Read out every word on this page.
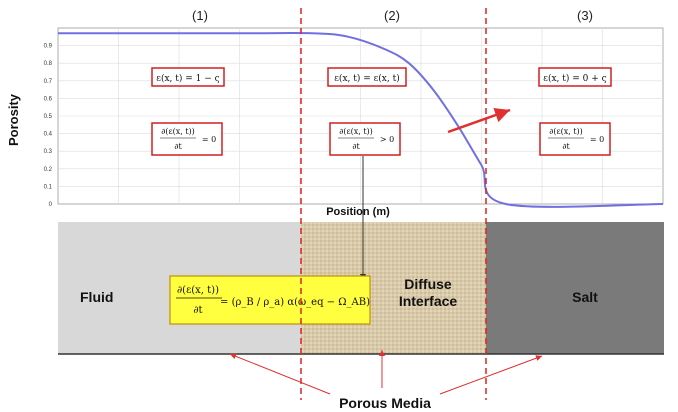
(1)	(2)	(3)
0.9
0.8
0.7
0.6
0.5
0.4
0.3
0.2
0.1
0
Porosity
ε(x, t) = 1 − ς
∂(ε(x, t))
∂t
= 0
ε(x, t) = ε(x, t)
∂(ε(x, t))
∂t
> 0
ε(x, t) = 0 + ς
∂(ε(x, t))
∂t
= 0
Fluid
Diffuse
Interface	Salt
Position (m)
∂(ε(x, t))
∂t
= (ρ_B / ρ_a) α(ω_eq − Ω_AB)
Porous Media
